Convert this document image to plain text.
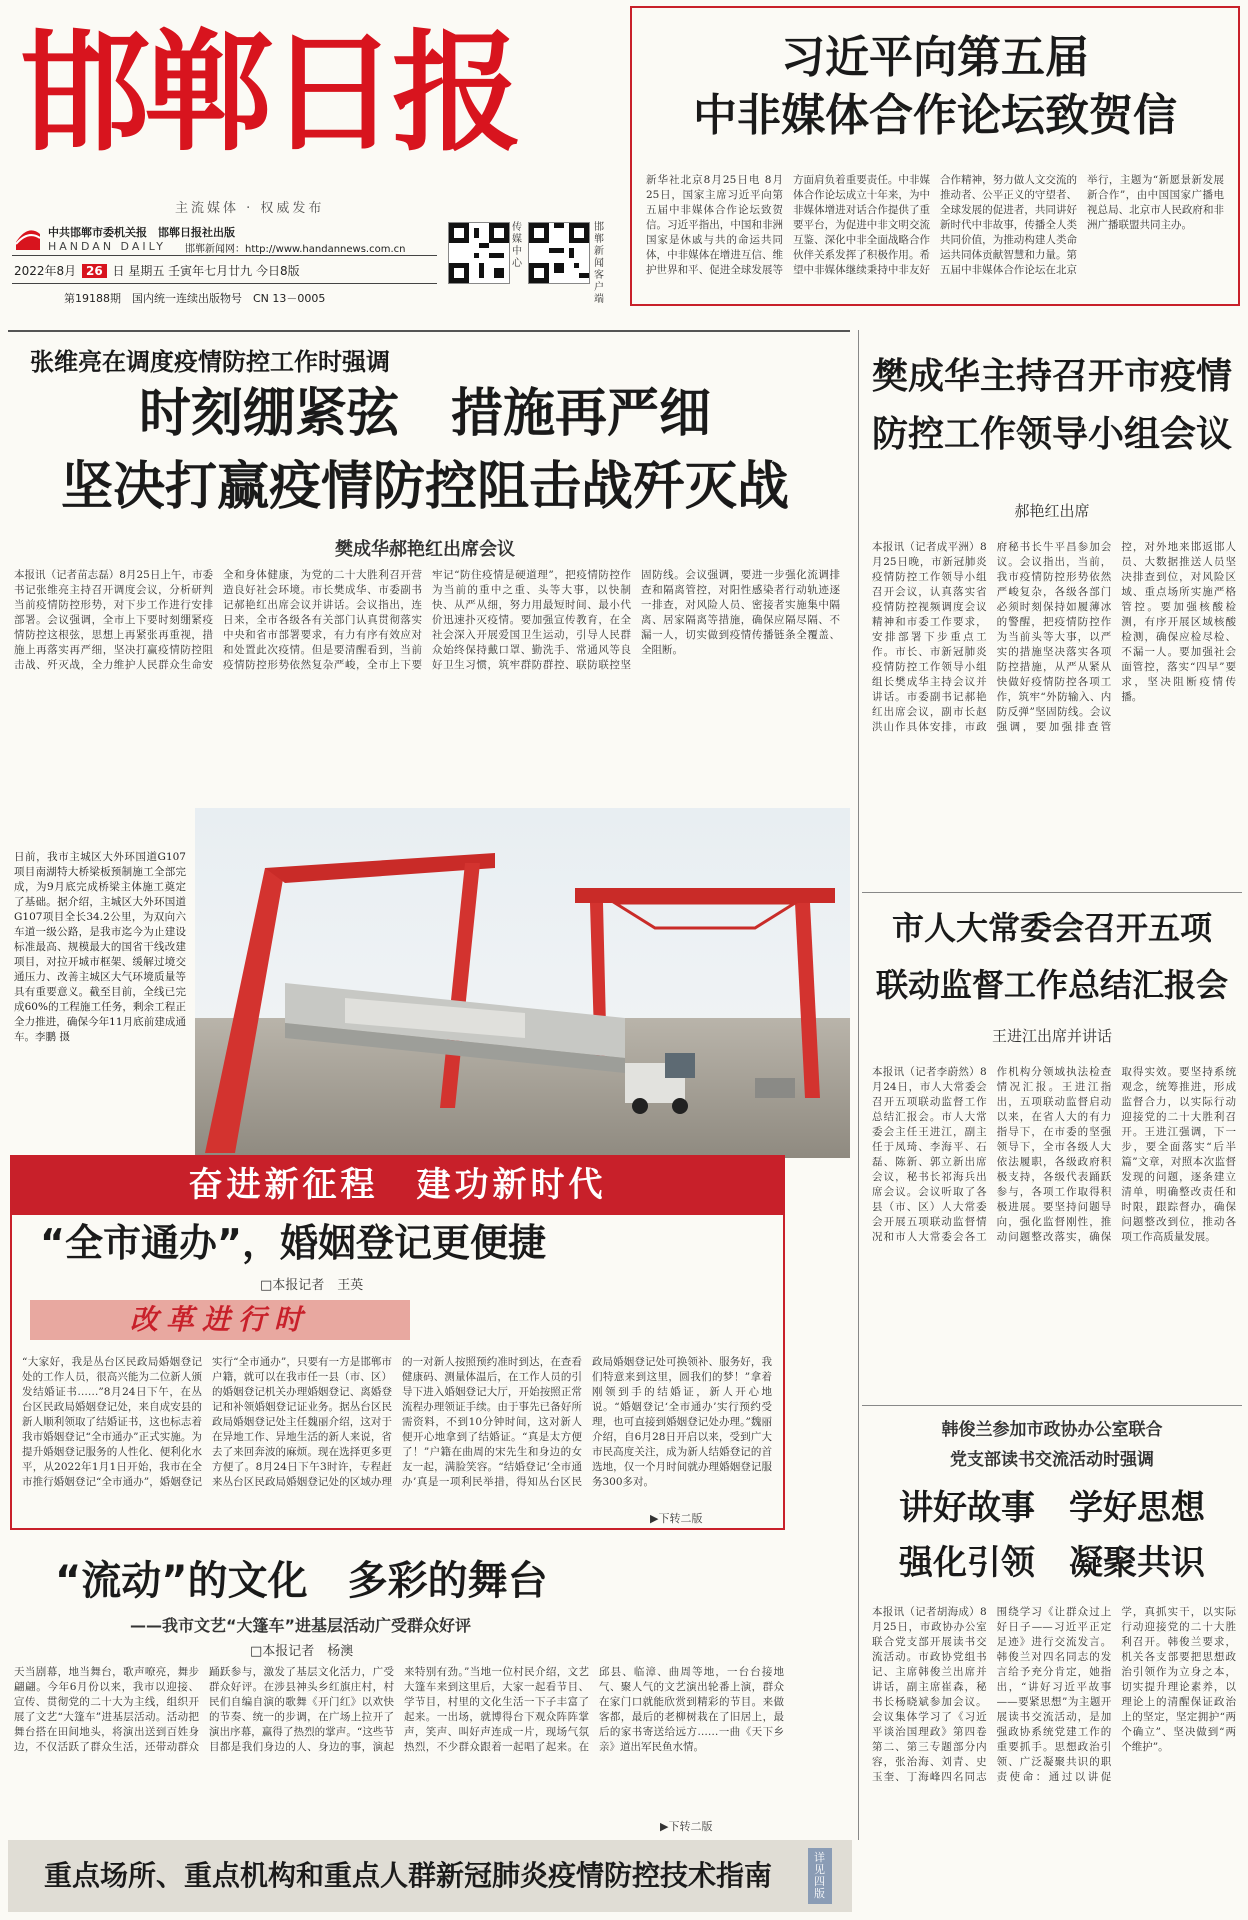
邯郸日报
主流媒体 · 权威发布
中共邯郸市委机关报　邯郸日报社出版
HANDAN DAILY 邯郸新闻网：http://www.handannews.com.cn
2022年8月 26 日 星期五 壬寅年七月廿九 今日8版
第19188期　国内统一连续出版物号　CN 13－0005
传媒中心
邯郸新闻 客户端
习近平向第五届
中非媒体合作论坛致贺信

新华社北京8月25日电 8月25日，国家主席习近平向第五届中非媒体合作论坛致贺信。习近平指出，中国和非洲国家是休戚与共的命运共同体，中非媒体在增进互信、维护世界和平、促进全球发展等方面肩负着重要责任。中非媒体合作论坛成立十年来，为中非媒体增进对话合作提供了重要平台，为促进中非文明交流互鉴、深化中非全面战略合作伙伴关系发挥了积极作用。希望中非媒体继续秉持中非友好合作精神，努力做人文交流的推动者、公平正义的守望者、全球发展的促进者，共同讲好新时代中非故事，传播全人类共同价值，为推动构建人类命运共同体贡献智慧和力量。第五届中非媒体合作论坛在北京举行，主题为“新愿景新发展 新合作”，由中国国家广播电视总局、北京市人民政府和非洲广播联盟共同主办。

张维亮在调度疫情防控工作时强调
时刻绷紧弦　措施再严细
坚决打赢疫情防控阻击战歼灭战
樊成华郝艳红出席会议

本报讯（记者苗志磊）8月25日上午，市委书记张维亮主持召开调度会议，分析研判当前疫情防控形势，对下步工作进行安排部署。会议强调，全市上下要时刻绷紧疫情防控这根弦，思想上再紧张再重视，措施上再落实再严细，坚决打赢疫情防控阻击战、歼灭战，全力维护人民群众生命安全和身体健康，为党的二十大胜利召开营造良好社会环境。市长樊成华、市委副书记郝艳红出席会议并讲话。会议指出，连日来，全市各级各有关部门认真贯彻落实中央和省市部署要求，有力有序有效应对和处置此次疫情。但是要清醒看到，当前疫情防控形势依然复杂严峻，全市上下要牢记“防住疫情是硬道理”，把疫情防控作为当前的重中之重、头等大事，以快制快、从严从细，努力用最短时间、最小代价迅速扑灭疫情。要加强宣传教育，在全社会深入开展爱国卫生运动，引导人民群众始终保持戴口罩、勤洗手、常通风等良好卫生习惯，筑牢群防群控、联防联控坚固防线。会议强调，要进一步强化流调排查和隔离管控，对阳性感染者行动轨迹逐一排查，对风险人员、密接者实施集中隔离、居家隔离等措施，确保应隔尽隔、不漏一人，切实做到疫情传播链条全覆盖、全阻断。

日前，我市主城区大外环国道G107项目南湖特大桥梁板预制施工全部完成，为9月底完成桥梁主体施工奠定了基础。据介绍，主城区大外环国道G107项目全长34.2公里，为双向六车道一级公路，是我市迄今为止建设标准最高、规模最大的国省干线改建项目，对拉开城市框架、缓解过境交通压力、改善主城区大气环境质量等具有重要意义。截至目前，全线已完成60%的工程施工任务，剩余工程正全力推进，确保今年11月底前建成通车。李鹏 摄
奋进新征程　建功新时代
“全市通办”，婚姻登记更便捷
□本报记者　王英
改革进行时

“大家好，我是丛台区民政局婚姻登记处的工作人员，很高兴能为二位新人颁发结婚证书……”8月24日下午，在丛台区民政局婚姻登记处，来自成安县的新人顺利领取了结婚证书，这也标志着我市婚姻登记“全市通办”正式实施。为提升婚姻登记服务的人性化、便利化水平，从2022年1月1日开始，我市在全市推行婚姻登记“全市通办”，婚姻登记实行“全市通办”，只要有一方是邯郸市户籍，就可以在我市任一县（市、区）的婚姻登记机关办理婚姻登记、离婚登记和补领婚姻登记证业务。据丛台区民政局婚姻登记处主任魏丽介绍，这对于在异地工作、异地生活的新人来说，省去了来回奔波的麻烦。现在选择更多更方便了。8月24日下午3时许，专程赶来丛台区民政局婚姻登记处的区域办理的一对新人按照预约准时到达，在查看健康码、测量体温后，在工作人员的引导下进入婚姻登记大厅，开始按照正常流程办理领证手续。由于事先已备好所需资料，不到10分钟时间，这对新人便开心地拿到了结婚证。“真是太方便了！”户籍在曲周的宋先生和身边的女友一起，满脸笑容。“结婚登记‘全市通办’真是一项利民举措，得知丛台区民政局婚姻登记处可换领补、服务好，我们特意来到这里，圆我们的梦！”拿着刚领到手的结婚证，新人开心地说。“婚姻登记‘全市通办’实行预约受理，也可直接到婚姻登记处办理。”魏丽介绍，自6月28日开启以来，受到广大市民高度关注，成为新人结婚登记的首选地，仅一个月时间就办理婚姻登记服务300多对。

▶下转二版
“流动”的文化　多彩的舞台
——我市文艺“大篷车”进基层活动广受群众好评
□本报记者　杨澳

天当剧幕，地当舞台，歌声嘹亮，舞步翩翩。今年6月份以来，我市以迎接、宣传、贯彻党的二十大为主线，组织开展了文艺“大篷车”进基层活动。活动把舞台搭在田间地头，将演出送到百姓身边，不仅活跃了群众生活，还带动群众踊跃参与，激发了基层文化活力，广受群众好评。在涉县神头乡红旗庄村，村民们自编自演的歌舞《开门红》以欢快的节奏、统一的步调，在广场上拉开了演出序幕，赢得了热烈的掌声。“这些节目都是我们身边的人、身边的事，演起来特别有劲。”当地一位村民介绍，文艺大篷车来到这里后，大家一起看节目、学节目，村里的文化生活一下子丰富了起来。一出场，就博得台下观众阵阵掌声，笑声、叫好声连成一片，现场气氛热烈，不少群众跟着一起唱了起来。在邱县、临漳、曲周等地，一台台接地气、聚人气的文艺演出轮番上演，群众在家门口就能欣赏到精彩的节目。来做客都，最后的老柳树栽在了旧居上，最后的家书寄送给远方……一曲《天下乡亲》道出军民鱼水情。

▶下转二版
樊成华主持召开市疫情
防控工作领导小组会议
郝艳红出席

本报讯（记者成平洲）8月25日晚，市新冠肺炎疫情防控工作领导小组召开会议，认真落实省疫情防控视频调度会议精神和市委工作要求，安排部署下步重点工作。市长、市新冠肺炎疫情防控工作领导小组组长樊成华主持会议并讲话。市委副书记郝艳红出席会议，副市长赵洪山作具体安排，市政府秘书长牛平昌参加会议。会议指出，当前，我市疫情防控形势依然严峻复杂，各级各部门必须时刻保持如履薄冰的警醒，把疫情防控作为当前头等大事，以严实的措施坚决落实各项防控措施，从严从紧从快做好疫情防控各项工作，筑牢“外防输入、内防反弹”坚固防线。会议强调，要加强排查管控，对外地来邯返邯人员、大数据推送人员坚决排查到位，对风险区域、重点场所实施严格管控。要加强核酸检测，有序开展区域核酸检测，确保应检尽检、不漏一人。要加强社会面管控，落实“四早”要求，坚决阻断疫情传播。

市人大常委会召开五项
联动监督工作总结汇报会
王进江出席并讲话

本报讯（记者李蔚然）8月24日，市人大常委会召开五项联动监督工作总结汇报会。市人大常委会主任王进江，副主任于凤琦、李海平、石磊、陈新、郭立新出席会议，秘书长祁海兵出席会议。会议听取了各县（市、区）人大常委会开展五项联动监督情况和市人大常委会各工作机构分领域执法检查情况汇报。王进江指出，五项联动监督启动以来，在省人大的有力指导下，在市委的坚强领导下，全市各级人大依法履职，各级政府积极支持，各级代表踊跃参与，各项工作取得积极进展。要坚持问题导向，强化监督刚性，推动问题整改落实，确保取得实效。要坚持系统观念，统筹推进，形成监督合力，以实际行动迎接党的二十大胜利召开。王进江强调，下一步，要全面落实“后半篇”文章，对照本次监督发现的问题，逐条建立清单，明确整改责任和时限，跟踪督办，确保问题整改到位，推动各项工作高质量发展。

韩俊兰参加市政协办公室联合
党支部读书交流活动时强调
讲好故事　学好思想
强化引领　凝聚共识

本报讯（记者胡海成）8月25日，市政协办公室联合党支部开展读书交流活动。市政协党组书记、主席韩俊兰出席并讲话，副主席崔森，秘书长杨晓斌参加会议。会议集体学习了《习近平谈治国理政》第四卷第二、第三专题部分内容，张治海、刘青、史玉奎、丁海峰四名同志围绕学习《让群众过上好日子——习近平正定足迹》进行交流发言。韩俊兰对四名同志的发言给予充分肯定，她指出，“讲好习近平故事——要紧思想”为主题开展读书交流活动，是加强政协系统党建工作的重要抓手。思想政治引领、广泛凝聚共识的职责使命：通过以讲促学，真抓实干，以实际行动迎接党的二十大胜利召开。韩俊兰要求，机关各支部要把思想政治引领作为立身之本，切实提升理论素养，以理论上的清醒保证政治上的坚定，坚定拥护“两个确立”、坚决做到“两个维护”。

重点场所、重点机构和重点人群新冠肺炎疫情防控技术指南
详见四版
